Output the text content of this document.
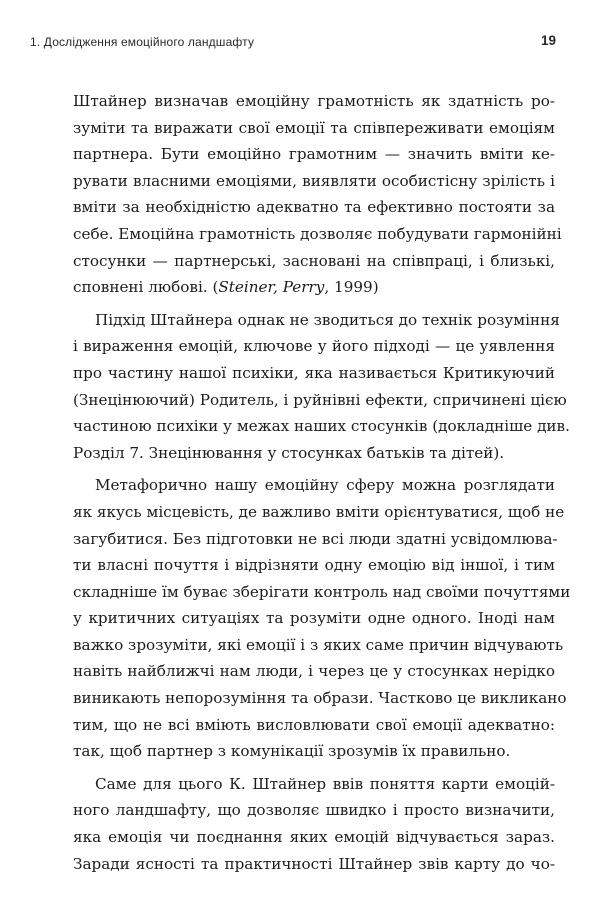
1. Дослідження емоційного ландшафту	19
Штайнер визначав емоційну грамотність як здатність ро-
зуміти та виражати свої емоції та співпереживати емоціям
партнера. Бути емоційно грамотним — значить вміти ке-
рувати власними емоціями, виявляти особистісну зрілість і
вміти за необхідністю адекватно та ефективно постояти за
себе. Емоційна грамотність дозволяє побудувати гармонійні
стосунки — партнерські, засновані на співпраці, і близькі,
сповнені любові. (Steiner, Perry, 1999)
Підхід Штайнера однак не зводиться до технік розуміння
і вираження емоцій, ключове у його підході — це уявлення
про частину нашої психіки, яка називається Критикуючий
(Знецінюючий) Родитель, і руйнівні ефекти, спричинені цією
частиною психіки у межах наших стосунків (докладніше див.
Розділ 7. Знецінювання у стосунках батьків та дітей).
Метафорично нашу емоційну сферу можна розглядати
як якусь місцевість, де важливо вміти орієнтуватися, щоб не
загубитися. Без підготовки не всі люди здатні усвідомлюва-
ти власні почуття і відрізняти одну емоцію від іншої, і тим
складніше їм буває зберігати контроль над своїми почуттями
у критичних ситуаціях та розуміти одне одного. Іноді нам
важко зрозуміти, які емоції і з яких саме причин відчувають
навіть найближчі нам люди, і через це у стосунках нерідко
виникають непорозуміння та образи. Частково це викликано
тим, що не всі вміють висловлювати свої емоції адекватно:
так, щоб партнер з комунікації зрозумів їх правильно.
Саме для цього К. Штайнер ввів поняття карти емоцій-
ного ландшафту, що дозволяє швидко і просто визначити,
яка емоція чи поєднання яких емоцій відчувається зараз.
Заради ясності та практичності Штайнер звів карту до чо-
